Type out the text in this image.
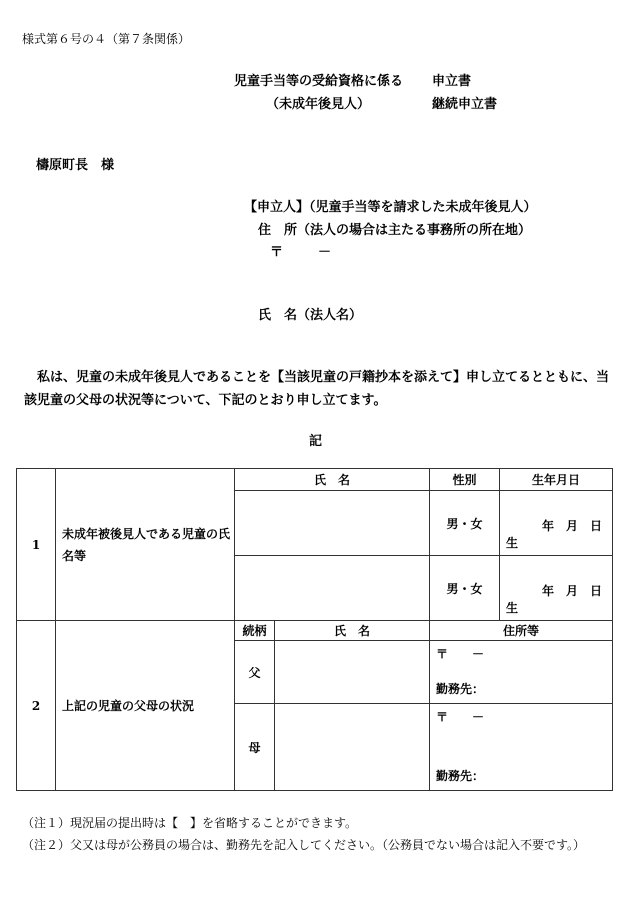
様式第６号の４（第７条関係）
児童手当等の受給資格に係る 申立書
（未成年後見人）	継続申立書
檮原町長　様
【申立人】（児童手当等を請求した未成年後見人）
住　所（法人の場合は主たる事務所の所在地）
〒	－
氏　名（法人名）
私は、児童の未成年後見人であることを【当該児童の戸籍抄本を添えて】申し立てるとともに、当該児童の父母の状況等について、下記のとおり申し立てます。
記
1	未成年被後見人である児童の氏名等	氏　名		性別	生年月日
				男・女	年　月　日
生

				男・女	年　月　日
生

2	上記の児童の父母の状況	続柄	氏　名	住所等	
		父		〒　　－
勤務先：	

		母		〒　　－
勤務先：	
（注１）現況届の提出時は【　】を省略することができます。
（注２）父又は母が公務員の場合は、勤務先を記入してください。（公務員でない場合は記入不要です。）
